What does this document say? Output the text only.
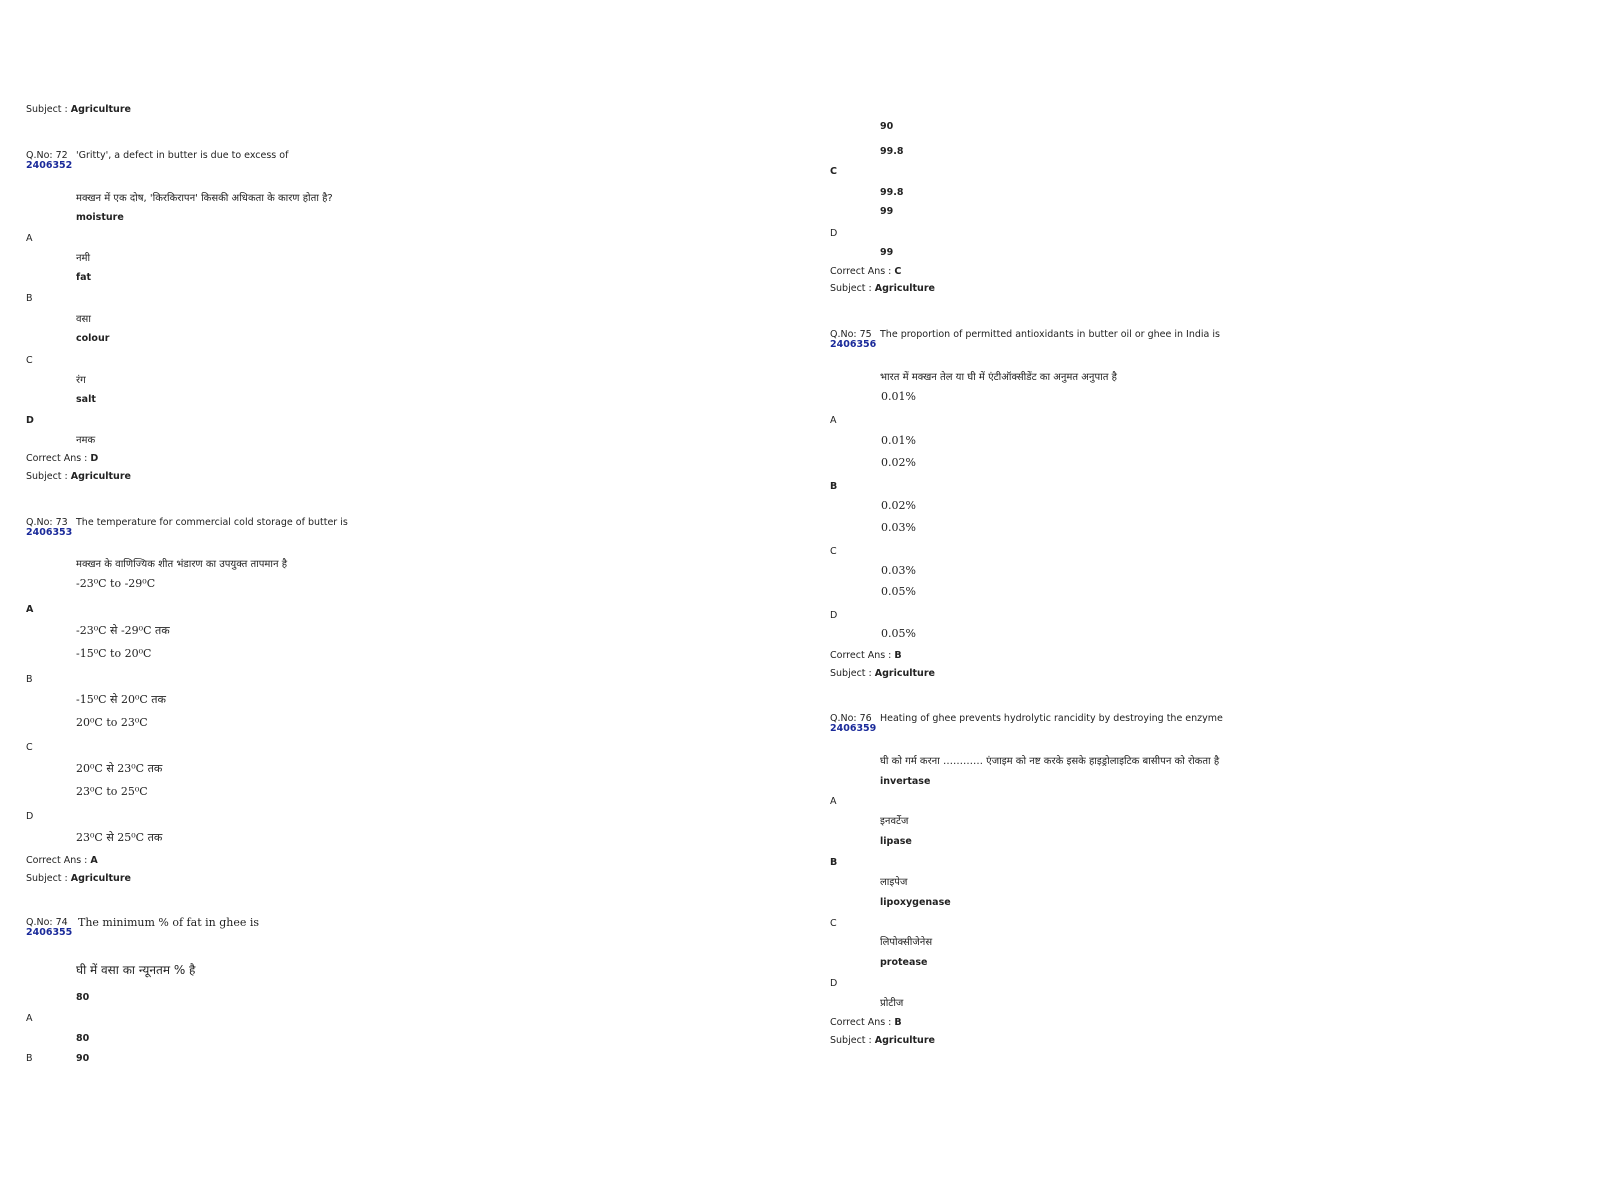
Subject : Agriculture
Q.No: 72
2406352
'Gritty', a defect in butter is due to excess of
मक्खन में एक दोष, 'किरकिरापन' किसकी अधिकता के कारण होता है?
moisture
A
नमी
fat
B
वसा
colour
C
रंग
salt
D
नमक
Correct Ans : D
Subject : Agriculture
Q.No: 73
2406353
The temperature for commercial cold storage of butter is
मक्खन के वाणिज्यिक शीत भंडारण का उपयुक्त तापमान है
-23⁰C to -29⁰C
A
-23⁰C से -29⁰C तक
-15⁰C to 20⁰C
B
-15⁰C से 20⁰C तक
20⁰C to 23⁰C
C
20⁰C से 23⁰C तक
23⁰C to 25⁰C
D
23⁰C से 25⁰C तक
Correct Ans : A
Subject : Agriculture
Q.No: 74
2406355
The minimum % of fat in ghee is
घी में वसा का न्यूनतम % है
80
A
80
B	90
90
99.8
C
99.8
99
D
99
Correct Ans : C
Subject : Agriculture
Q.No: 75
2406356
The proportion of permitted antioxidants in butter oil or ghee in India is
भारत में मक्खन तेल या घी में एंटीऑक्सीडेंट का अनुमत अनुपात है
0.01%
A
0.01%
0.02%
B
0.02%
0.03%
C
0.03%
0.05%
D
0.05%
Correct Ans : B
Subject : Agriculture
Q.No: 76
2406359
Heating of ghee prevents hydrolytic rancidity by destroying the enzyme
घी को गर्म करना ………… एंजाइम को नष्ट करके इसके हाइड्रोलाइटिक बासीपन को रोकता है
invertase
A
इनवर्टेज
lipase
B
लाइपेज
lipoxygenase
C
लिपोक्सीजेनेस
protease
D
प्रोटीज
Correct Ans : B
Subject : Agriculture
